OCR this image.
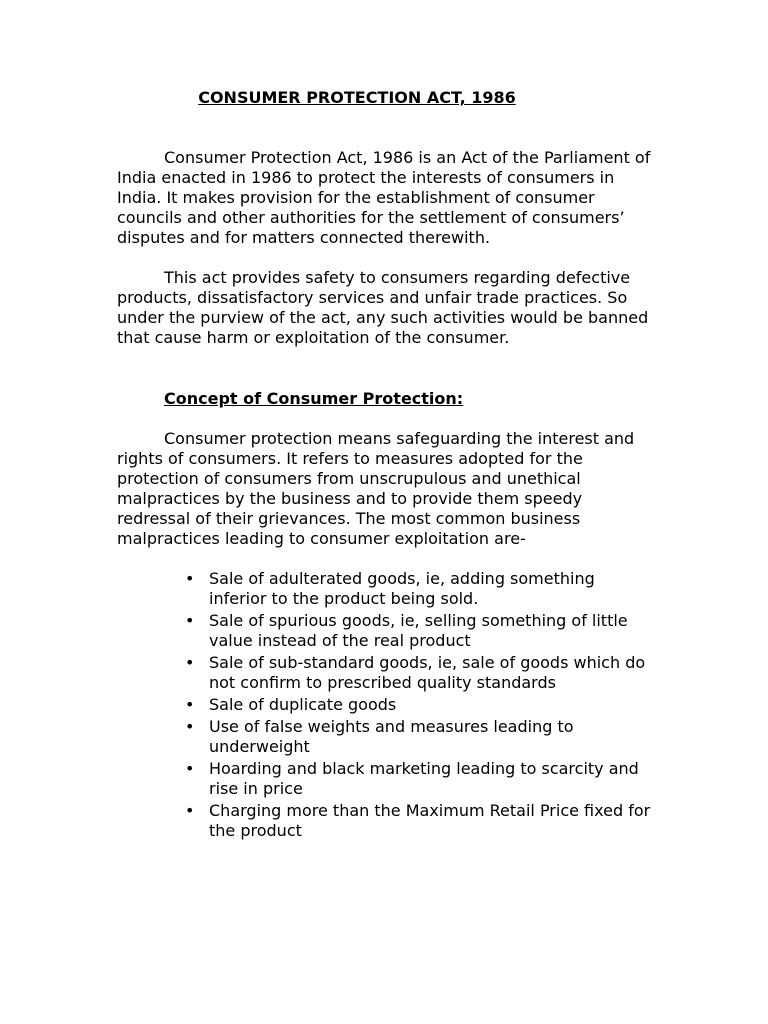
CONSUMER PROTECTION ACT, 1986

Consumer Protection Act, 1986 is an Act of the Parliament of India enacted in 1986 to protect the interests of consumers in India. It makes provision for the establishment of consumer councils and other authorities for the settlement of consumers’ disputes and for matters connected therewith.

This act provides safety to consumers regarding defective products, dissatisfactory services and unfair trade practices. So under the purview of the act, any such activities would be banned that cause harm or exploitation of the consumer.

Concept of Consumer Protection:

Consumer protection means safeguarding the interest and rights of consumers. It refers to measures adopted for the protection of consumers from unscrupulous and unethical malpractices by the business and to provide them speedy redressal of their grievances. The most common business malpractices leading to consumer exploitation are-

• Sale of adulterated goods, ie, adding something inferior to the product being sold.
• Sale of spurious goods, ie, selling something of little value instead of the real product
• Sale of sub-standard goods, ie, sale of goods which do not confirm to prescribed quality standards
• Sale of duplicate goods
• Use of false weights and measures leading to underweight
• Hoarding and black marketing leading to scarcity and rise in price
• Charging more than the Maximum Retail Price fixed for the product
